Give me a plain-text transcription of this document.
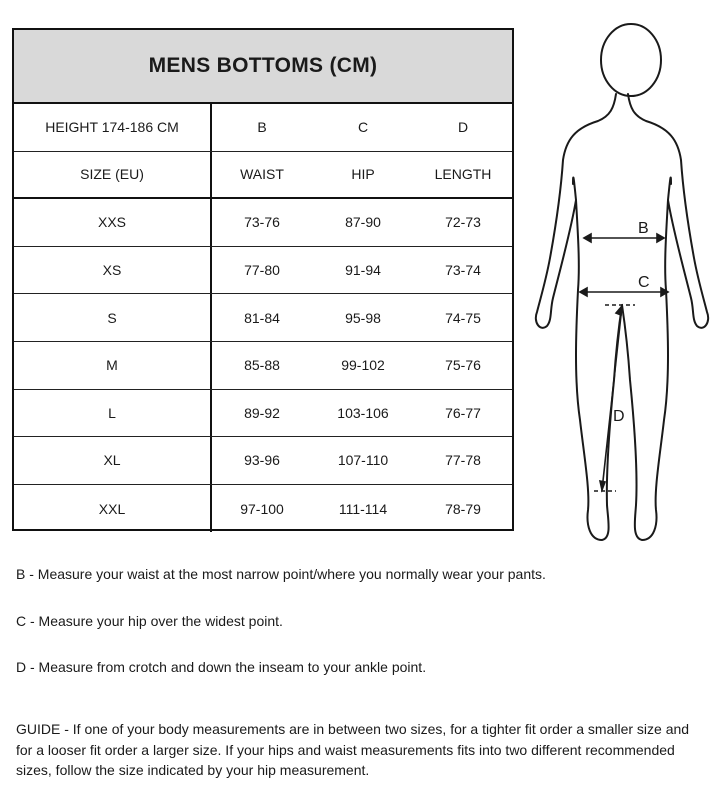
MENS BOTTOMS (CM)
HEIGHT 174-186 CM	B	C	D
SIZE (EU)	WAIST	HIP	LENGTH
XXS	73-76	87-90	72-73
XS	77-80	91-94	73-74
S	81-84	95-98	74-75
M	85-88	99-102	75-76
L	89-92	103-106	76-77
XL	93-96	107-110	77-78
XXL	97-100	111-114	78-79
B
C
D

B - Measure your waist at the most narrow point/where you normally wear your pants.

C - Measure your hip over the widest point.

D - Measure from crotch and down the inseam to your ankle point.

GUIDE - If one of your body measurements are in between two sizes, for a tighter fit order a smaller size and for a looser fit order a larger size. If your hips and waist measurements fits into two different recommended sizes, follow the size indicated by your hip measurement.
